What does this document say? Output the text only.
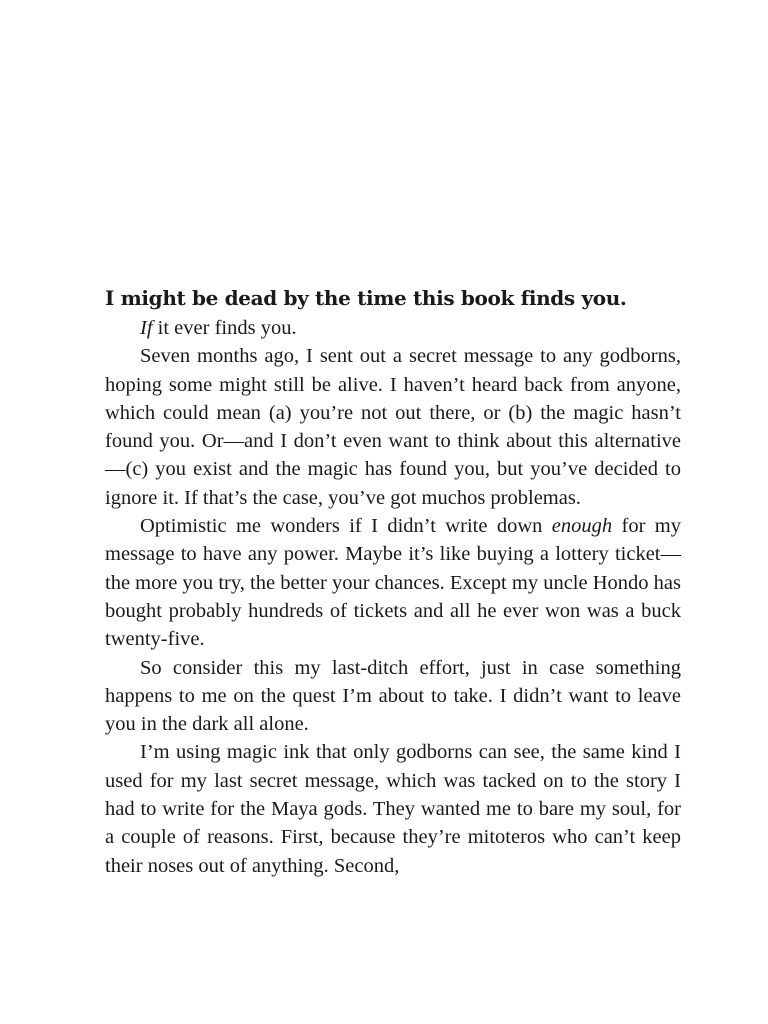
I might be dead by the time this book finds you.

If it ever finds you.

Seven months ago, I sent out a secret message to any godborns, hoping some might still be alive. I haven’t heard back from anyone, which could mean (a) you’re not out there, or (b) the magic hasn’t found you. Or—and I don’t even want to think about this alternative—(c) you exist and the magic has found you, but you’ve decided to ignore it. If that’s the case, you’ve got muchos problemas.

Optimistic me wonders if I didn’t write down enough for my message to have any power. Maybe it’s like buying a lottery ticket—the more you try, the better your chances. Except my uncle Hondo has bought probably hundreds of tickets and all he ever won was a buck twenty-five.

So consider this my last-ditch effort, just in case something happens to me on the quest I’m about to take. I didn’t want to leave you in the dark all alone.

I’m using magic ink that only godborns can see, the same kind I used for my last secret message, which was tacked on to the story I had to write for the Maya gods. They wanted me to bare my soul, for a couple of reasons. First, because they’re mitoteros who can’t keep their noses out of anything. Second,
